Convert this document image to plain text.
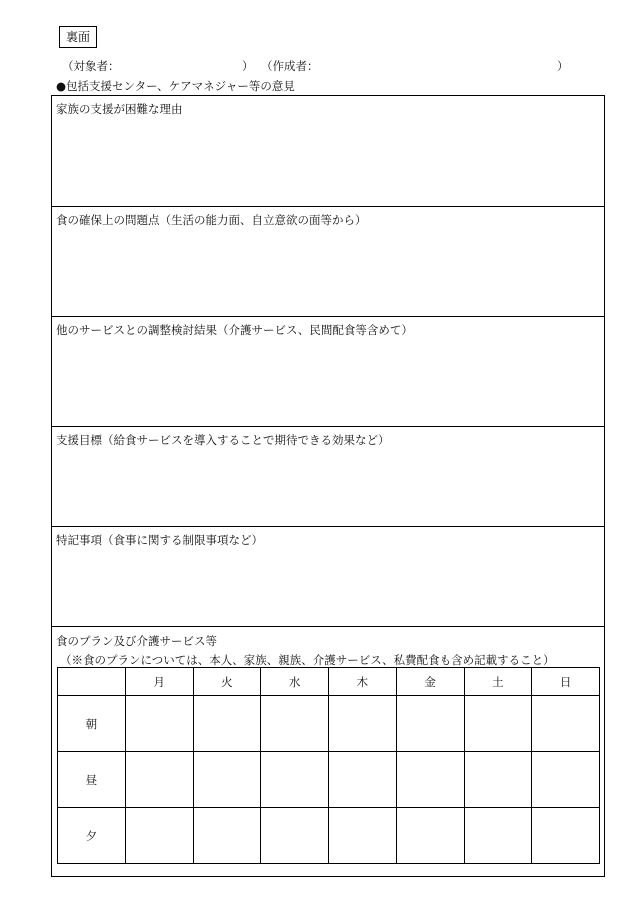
裏面
（対象者：	） （作成者：	）
●包括支援センター、ケアマネジャー等の意見
家族の支援が困難な理由
食の確保上の問題点（生活の能力面、自立意欲の面等から）
他のサービスとの調整検討結果（介護サービス、民間配食等含めて）
支援目標（給食サービスを導入することで期待できる効果など）
特記事項（食事に関する制限事項など）
食のプラン及び介護サービス等
（※食のプランについては、本人、家族、親族、介護サービス、私費配食も含め記載すること）
	月	火	水	木	金	土	日
朝							
昼							
夕							
